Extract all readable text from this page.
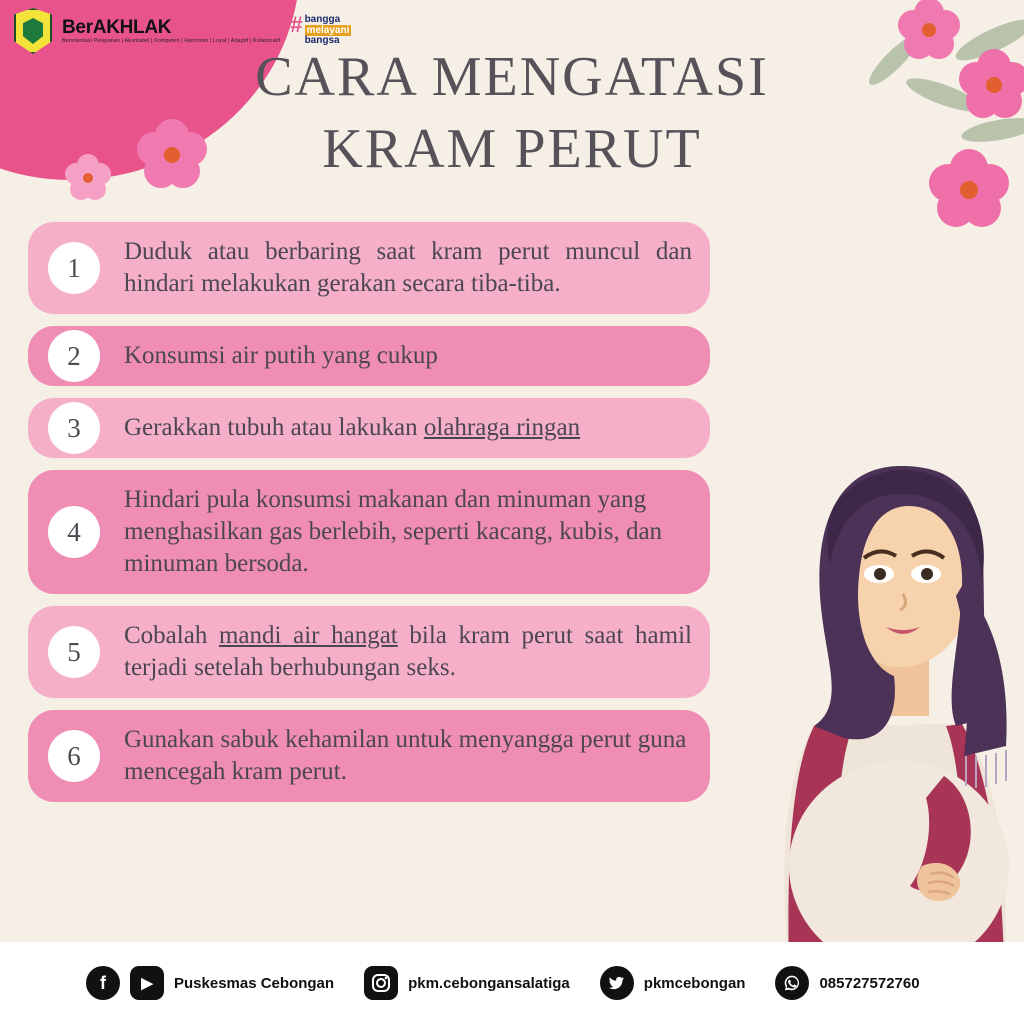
BerAKHLAK
Berorientasi Pelayanan | Akuntabel | Kompeten | Harmonis | Loyal | Adaptif | Kolaboratif
# bangga
melayani
bangsa
CARA MENGATASI
KRAM PERUT
1

Duduk atau berbaring saat kram perut muncul dan hindari melakukan gerakan secara tiba-tiba.

2	Konsumsi air putih yang cukup

3	Gerakkan tubuh atau lakukan olahraga ringan

4

Hindari pula konsumsi makanan dan minuman yang menghasilkan gas berlebih, seperti kacang, kubis, dan minuman bersoda.

5

Cobalah mandi air hangat bila kram perut saat hamil terjadi setelah berhubungan seks.

6

Gunakan sabuk kehamilan untuk menyangga perut guna mencegah kram perut.

f	▶	Puskesmas Cebongan	pkm.cebongansalatiga	pkmcebongan	085727572760
